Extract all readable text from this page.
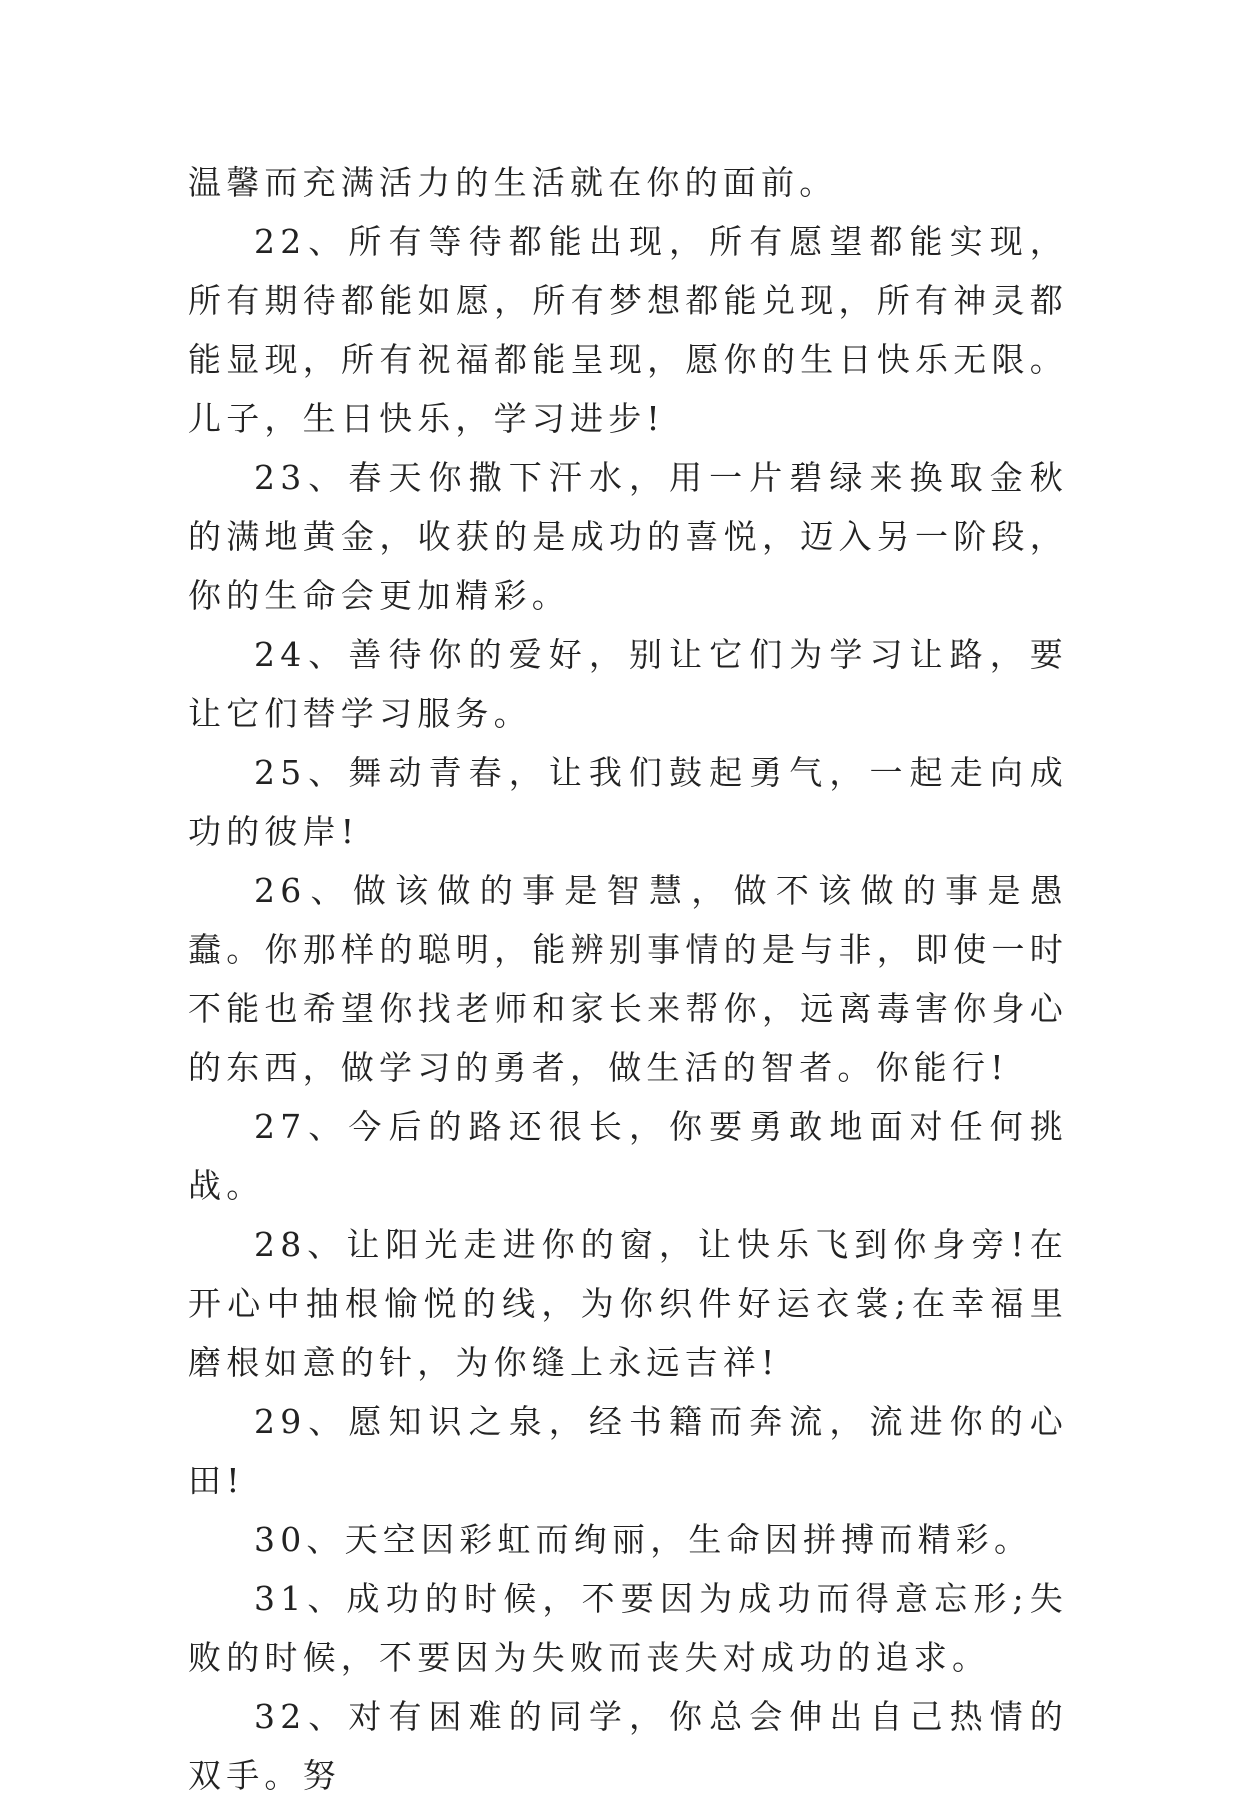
温馨而充满活力的生活就在你的面前。

22、所有等待都能出现，所有愿望都能实现，所有期待都能如愿，所有梦想都能兑现，所有神灵都能显现，所有祝福都能呈现，愿你的生日快乐无限。儿子，生日快乐，学习进步!

23、春天你撒下汗水，用一片碧绿来换取金秋的满地黄金，收获的是成功的喜悦，迈入另一阶段，你的生命会更加精彩。

24、善待你的爱好，别让它们为学习让路，要让它们替学习服务。

25、舞动青春，让我们鼓起勇气，一起走向成功的彼岸!

26、做该做的事是智慧，做不该做的事是愚蠢。你那样的聪明，能辨别事情的是与非，即使一时不能也希望你找老师和家长来帮你，远离毒害你身心的东西，做学习的勇者，做生活的智者。你能行!

27、今后的路还很长，你要勇敢地面对任何挑战。

28、让阳光走进你的窗，让快乐飞到你身旁!在开心中抽根愉悦的线，为你织件好运衣裳;在幸福里磨根如意的针，为你缝上永远吉祥!

29、愿知识之泉，经书籍而奔流，流进你的心田!

30、天空因彩虹而绚丽，生命因拼搏而精彩。

31、成功的时候，不要因为成功而得意忘形;失败的时候，不要因为失败而丧失对成功的追求。

32、对有困难的同学，你总会伸出自己热情的双手。努
